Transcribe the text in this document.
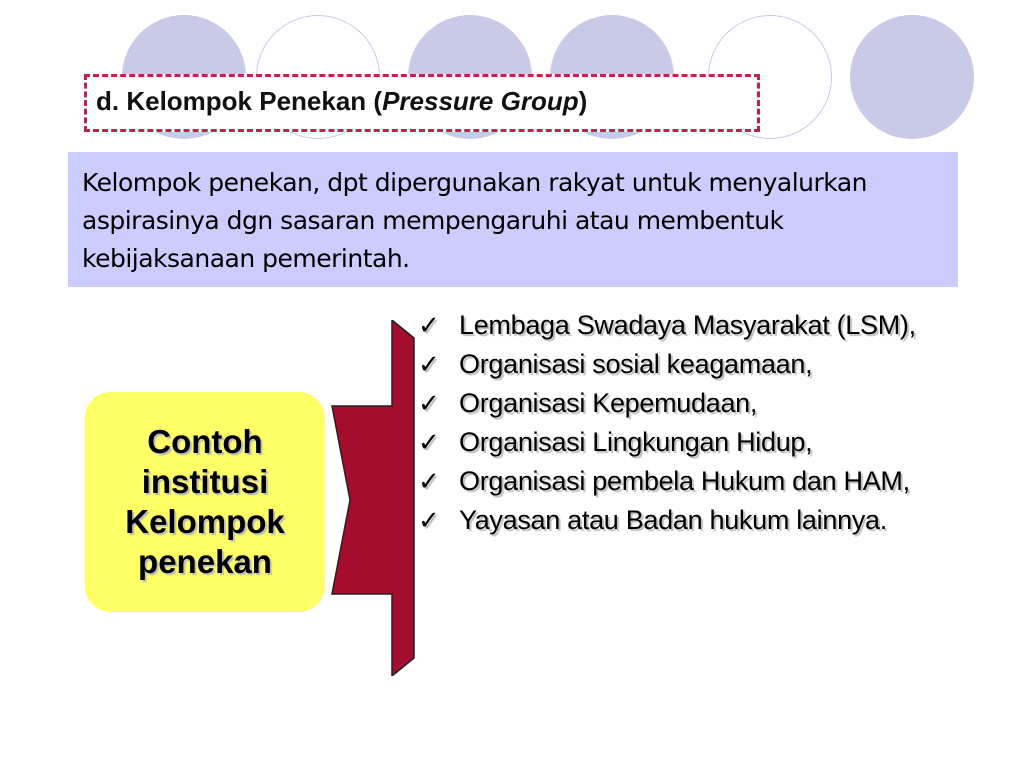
d. Kelompok Penekan (Pressure Group)
Kelompok penekan, dpt dipergunakan rakyat untuk menyalurkan aspirasinya dgn sasaran mempengaruhi atau membentuk kebijaksanaan pemerintah.
Contoh
institusi
Kelompok
penekan
✓ Lembaga Swadaya Masyarakat (LSM),
✓ Organisasi sosial keagamaan,
✓ Organisasi Kepemudaan,
✓ Organisasi Lingkungan Hidup,
✓ Organisasi pembela Hukum dan HAM,
✓ Yayasan atau Badan hukum lainnya.
